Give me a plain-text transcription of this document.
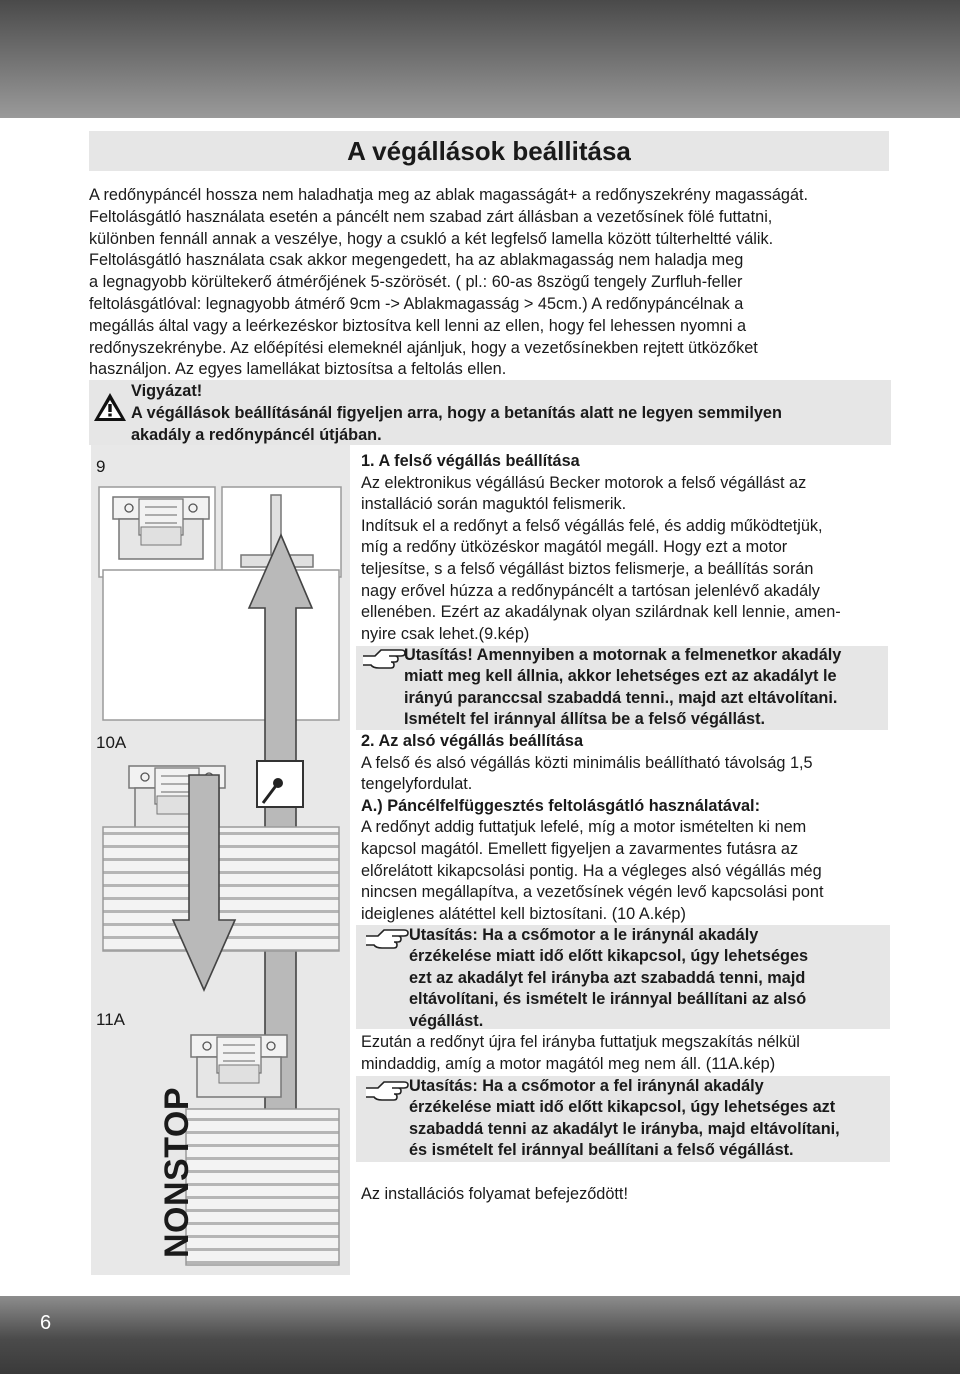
A végállások beállitása

A redőnypáncél hossza nem haladhatja meg az ablak magasságát+ a redőnyszekrény magasságát.
Feltolásgátló használata esetén a páncélt nem szabad zárt állásban a vezetősínek fölé futtatni,
különben fennáll annak a veszélye, hogy a csukló a két legfelső lamella között túlterheltté válik.
Feltolásgátló használata csak akkor megengedett, ha az ablakmagasság nem haladja meg
a legnagyobb körültekerő átmérőjének 5-szörösét. ( pl.: 60-as 8szögű tengely Zurfluh-feller
feltolásgátlóval: legnagyobb átmérő 9cm -> Ablakmagasság > 45cm.) A redőnypáncélnak a
megállás által vagy a leérkezéskor biztosítva kell lenni az ellen, hogy fel lehessen nyomni a
redőnyszekrénybe. Az előépítési elemeknél ajánljuk, hogy a vezetősínekben rejtett ütközőket
használjon. Az egyes lamellákat biztosítsa a feltolás ellen.

Vigyázat!
A végállások beállításánál figyeljen arra, hogy a betanítás alatt ne legyen semmilyen
akadály a redőnypáncél útjában.
9
10A
11A
NONSTOP

1. A felső végállás beállítása
Az elektronikus végállású Becker motorok a felső végállást az
installáció során maguktól felismerik.
Indítsuk el a redőnyt a felső végállás felé, és addig működtetjük,
míg a redőny ütközéskor magától megáll. Hogy ezt a motor
teljesítse, s a felső végállást biztos felismerje, a beállítás során
nagy erővel húzza a redőnypáncélt a tartósan jelenlévő akadály
ellenében. Ezért az akadálynak olyan szilárdnak kell lennie, amen-
nyire csak lehet.(9.kép)

Utasítás! Amennyiben a motornak a felmenetkor akadály
miatt meg kell állnia, akkor lehetséges ezt az akadályt le
irányú paranccsal szabaddá tenni., majd azt eltávolítani.
Ismételt fel iránnyal állítsa be a felső végállást.

2. Az alsó végállás beállítása
A felső és alsó végállás közti minimális beállítható távolság 1,5
tengelyfordulat.
A.) Páncélfelfüggesztés feltolásgátló használatával:
A redőnyt addig futtatjuk lefelé, míg a motor ismételten ki nem
kapcsol magától. Emellett figyeljen a zavarmentes futásra az
előrelátott kikapcsolási pontig. Ha a végleges alsó végállás még
nincsen megállapítva, a vezetősínek végén levő kapcsolási pont
ideiglenes alátéttel kell biztosítani. (10 A.kép)

Utasítás: Ha a csőmotor a le iránynál akadály
érzékelése miatt idő előtt kikapcsol, úgy lehetséges
ezt az akadályt fel irányba azt szabaddá tenni, majd
eltávolítani, és ismételt le iránnyal beállítani az alsó
végállást.

Ezután a redőnyt újra fel irányba futtatjuk megszakítás nélkül
mindaddig, amíg a motor magától meg nem áll. (11A.kép)

Utasítás: Ha a csőmotor a fel iránynál akadály
érzékelése miatt idő előtt kikapcsol, úgy lehetséges azt
szabaddá tenni az akadályt le irányba, majd eltávolítani,
és ismételt fel iránnyal beállítani a felső végállást.

Az installációs folyamat befejeződött!

6
